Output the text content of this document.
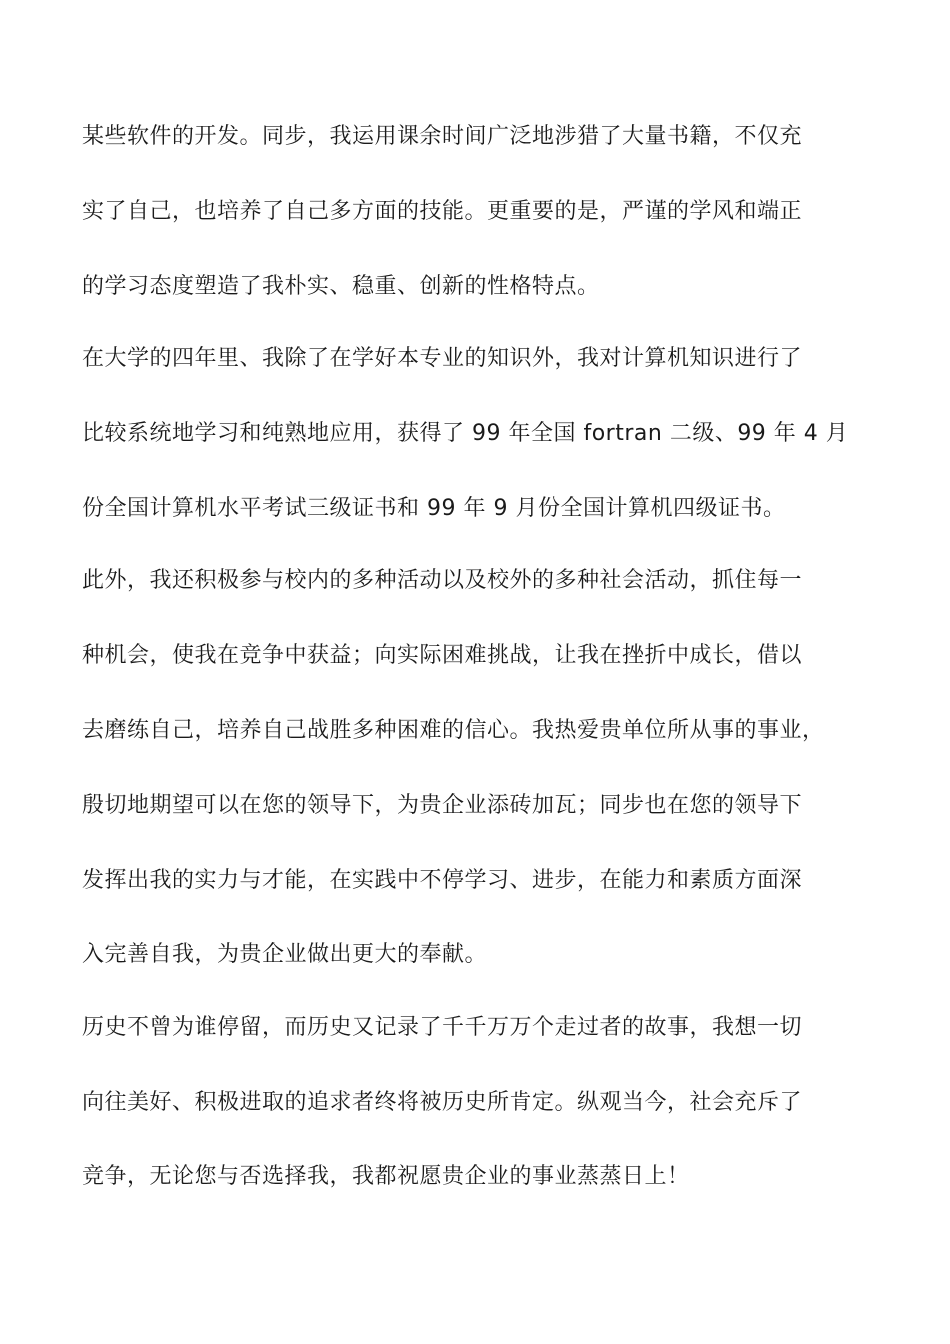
某些软件的开发。同步，我运用课余时间广泛地涉猎了大量书籍，不仅充
实了自己，也培养了自己多方面的技能。更重要的是，严谨的学风和端正
的学习态度塑造了我朴实、稳重、创新的性格特点。
在大学的四年里、我除了在学好本专业的知识外，我对计算机知识进行了
比较系统地学习和纯熟地应用，获得了 99 年全国 fortran 二级、99 年 4 月
份全国计算机水平考试三级证书和 99 年 9 月份全国计算机四级证书。
此外，我还积极参与校内的多种活动以及校外的多种社会活动，抓住每一
种机会，使我在竞争中获益；向实际困难挑战，让我在挫折中成长，借以
去磨练自己，培养自己战胜多种困难的信心。我热爱贵单位所从事的事业，
殷切地期望可以在您的领导下，为贵企业添砖加瓦；同步也在您的领导下
发挥出我的实力与才能，在实践中不停学习、进步，在能力和素质方面深
入完善自我，为贵企业做出更大的奉献。
历史不曾为谁停留，而历史又记录了千千万万个走过者的故事，我想一切
向往美好、积极进取的追求者终将被历史所肯定。纵观当今，社会充斥了
竞争，无论您与否选择我，我都祝愿贵企业的事业蒸蒸日上！
